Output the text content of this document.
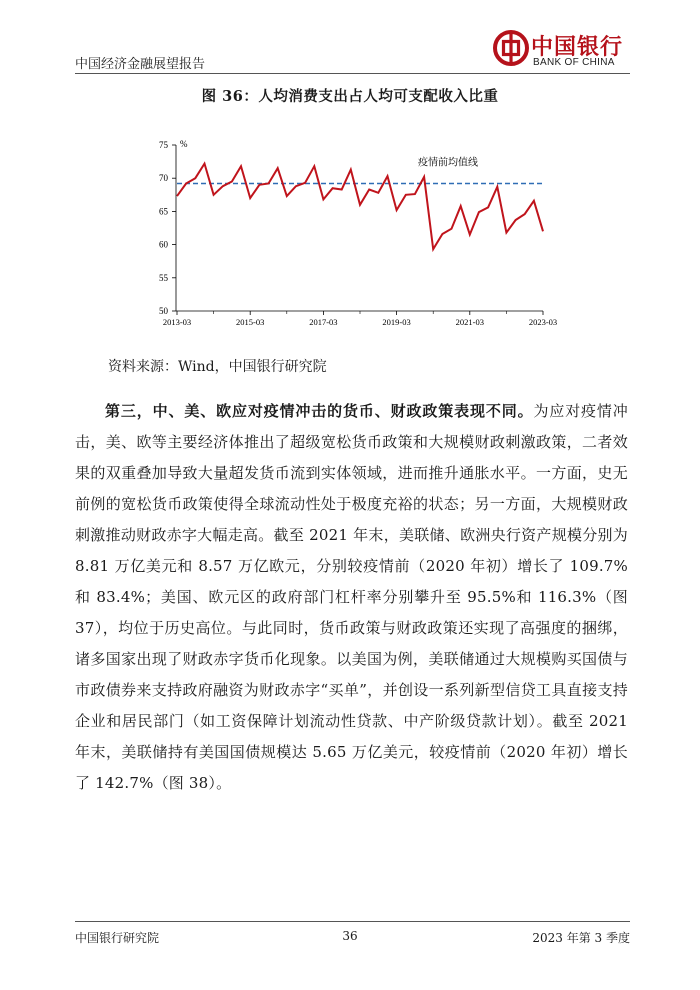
中国经济金融展望报告
中国银行
BANK OF CHINA
图 36：人均消费支出占人均可支配收入比重
50
55
60
65
70
75 %
2013-03	2015-03	2017-03	2019-03	2021-03	2023-03
疫情前均值线
资料来源：Wind，中国银行研究院

第三，中、美、欧应对疫情冲击的货币、财政政策表现不同。为应对疫情冲击，美、欧等主要经济体推出了超级宽松货币政策和大规模财政刺激政策，二者效果的双重叠加导致大量超发货币流到实体领域，进而推升通胀水平。一方面，史无前例的宽松货币政策使得全球流动性处于极度充裕的状态；另一方面，大规模财政刺激推动财政赤字大幅走高。截至 2021 年末，美联储、欧洲央行资产规模分别为 8.81 万亿美元和 8.57 万亿欧元，分别较疫情前（2020 年初）增长了 109.7%和 83.4%；美国、欧元区的政府部门杠杆率分别攀升至 95.5%和 116.3%（图 37），均位于历史高位。与此同时，货币政策与财政政策还实现了高强度的捆绑，诸多国家出现了财政赤字货币化现象。以美国为例，美联储通过大规模购买国债与市政债券来支持政府融资为财政赤字“买单”，并创设一系列新型信贷工具直接支持企业和居民部门（如工资保障计划流动性贷款、中产阶级贷款计划）。截至 2021 年末，美联储持有美国国债规模达 5.65 万亿美元，较疫情前（2020 年初）增长了 142.7%（图 38）。

中国银行研究院	36	2023 年第 3 季度
